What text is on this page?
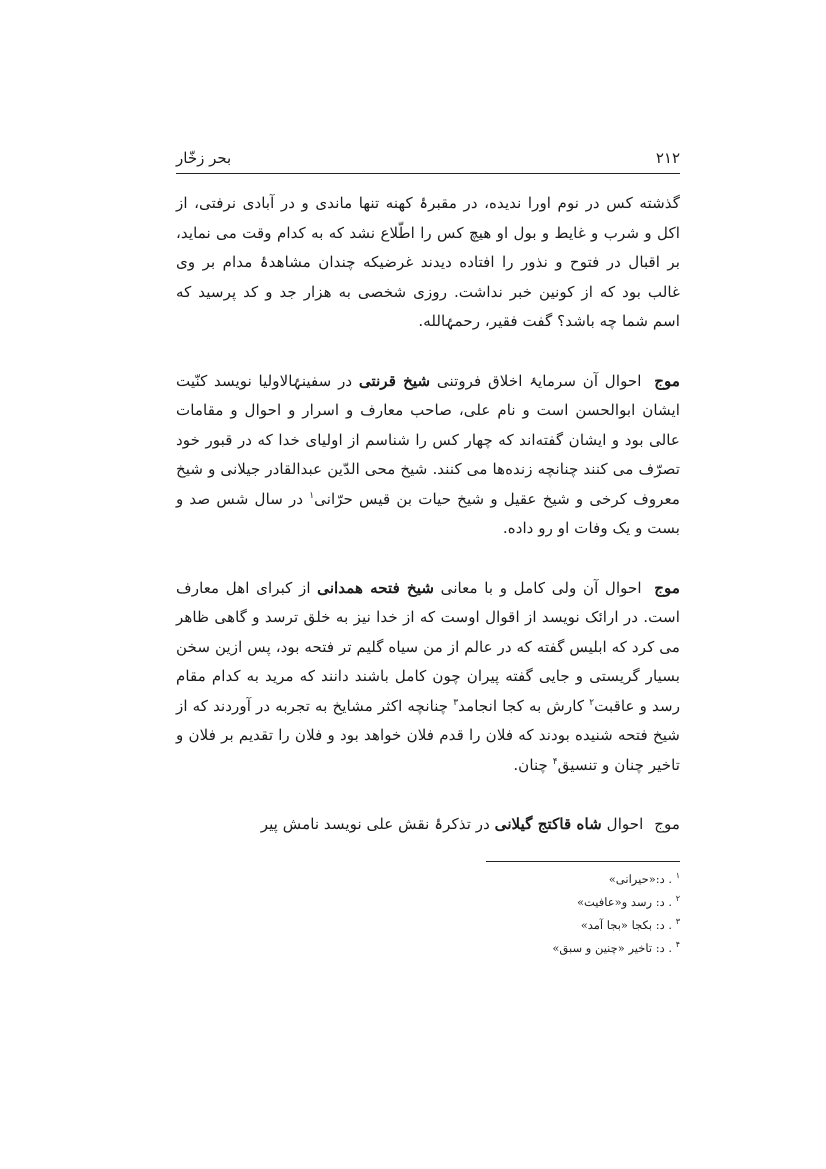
۲۱۲
بحر زخّار

گذشته کس در نوم اورا ندیده، در مقبرۂ کهنه تنها ماندی و در آبادی نرفتی، از اکل و شرب و غایط و بول او هیچ کس را اطّلاع نشد که به کدام وقت می نماید، بر اقبال در فتوح و نذور را افتاده دیدند غرضیکه چندان مشاهدۂ مدام بر وی غالب بود که از کونین خبر نداشت. روزی شخصی به هزار جد و کد پرسید که اسم شما چه باشد؟ گفت فقیر، رحمۂالله.

موج احوال آن سرمایۂ اخلاق فروتنی شیخ قرنتی در سفینۂالاولیا نویسد کنّیت ایشان ابوالحسن است و نام علی، صاحب معارف و اسرار و احوال و مقامات عالی بود و ایشان گفته‌اند که چهار کس را شناسم از اولیای خدا که در قبور خود تصرّف می کنند چنانچه زنده‌ها می کنند. شیخ محی الدّین عبدالقادر جیلانی و شیخ معروف کرخی و شیخ عقیل و شیخ حیات بن قیس حرّانی$^۱$ در سال شس صد و بست و یک وفات او رو داده.

موج احوال آن ولی کامل و با معانی شیخ فتحه همدانی از کبرای اهل معارف است. در ارائک نویسد از اقوال اوست که از خدا نیز به خلق ترسد و گاهی ظاهر می کرد که ابلیس گفته که در عالم از من سیاه گلیم تر فتحه بود، پس ازین سخن بسیار گریستی و جایی گفته پیران چون کامل باشند دانند که مرید به کدام مقام رسد و عاقبت$^۲$ کارش به کجا انجامد$^۳$ چنانچه اکثر مشایخ به تجربه در آوردند که از شیخ فتحه شنیده بودند که فلان را قدم فلان خواهد بود و فلان را تقدیم بر فلان و تاخیر چنان و تنسیق$^۴$ چنان.

موج احوال شاه قاکتج گیلانی در تذکرۂ نقش علی نویسد نامش پیر

$^۱$ . د:«حیرانی»

$^۲$ . د: رسد و«عافیت»

$^۳$ . د: بکجا «بجا آمد»

$^۴$ . د: تاخیر «چنین و سبق»
